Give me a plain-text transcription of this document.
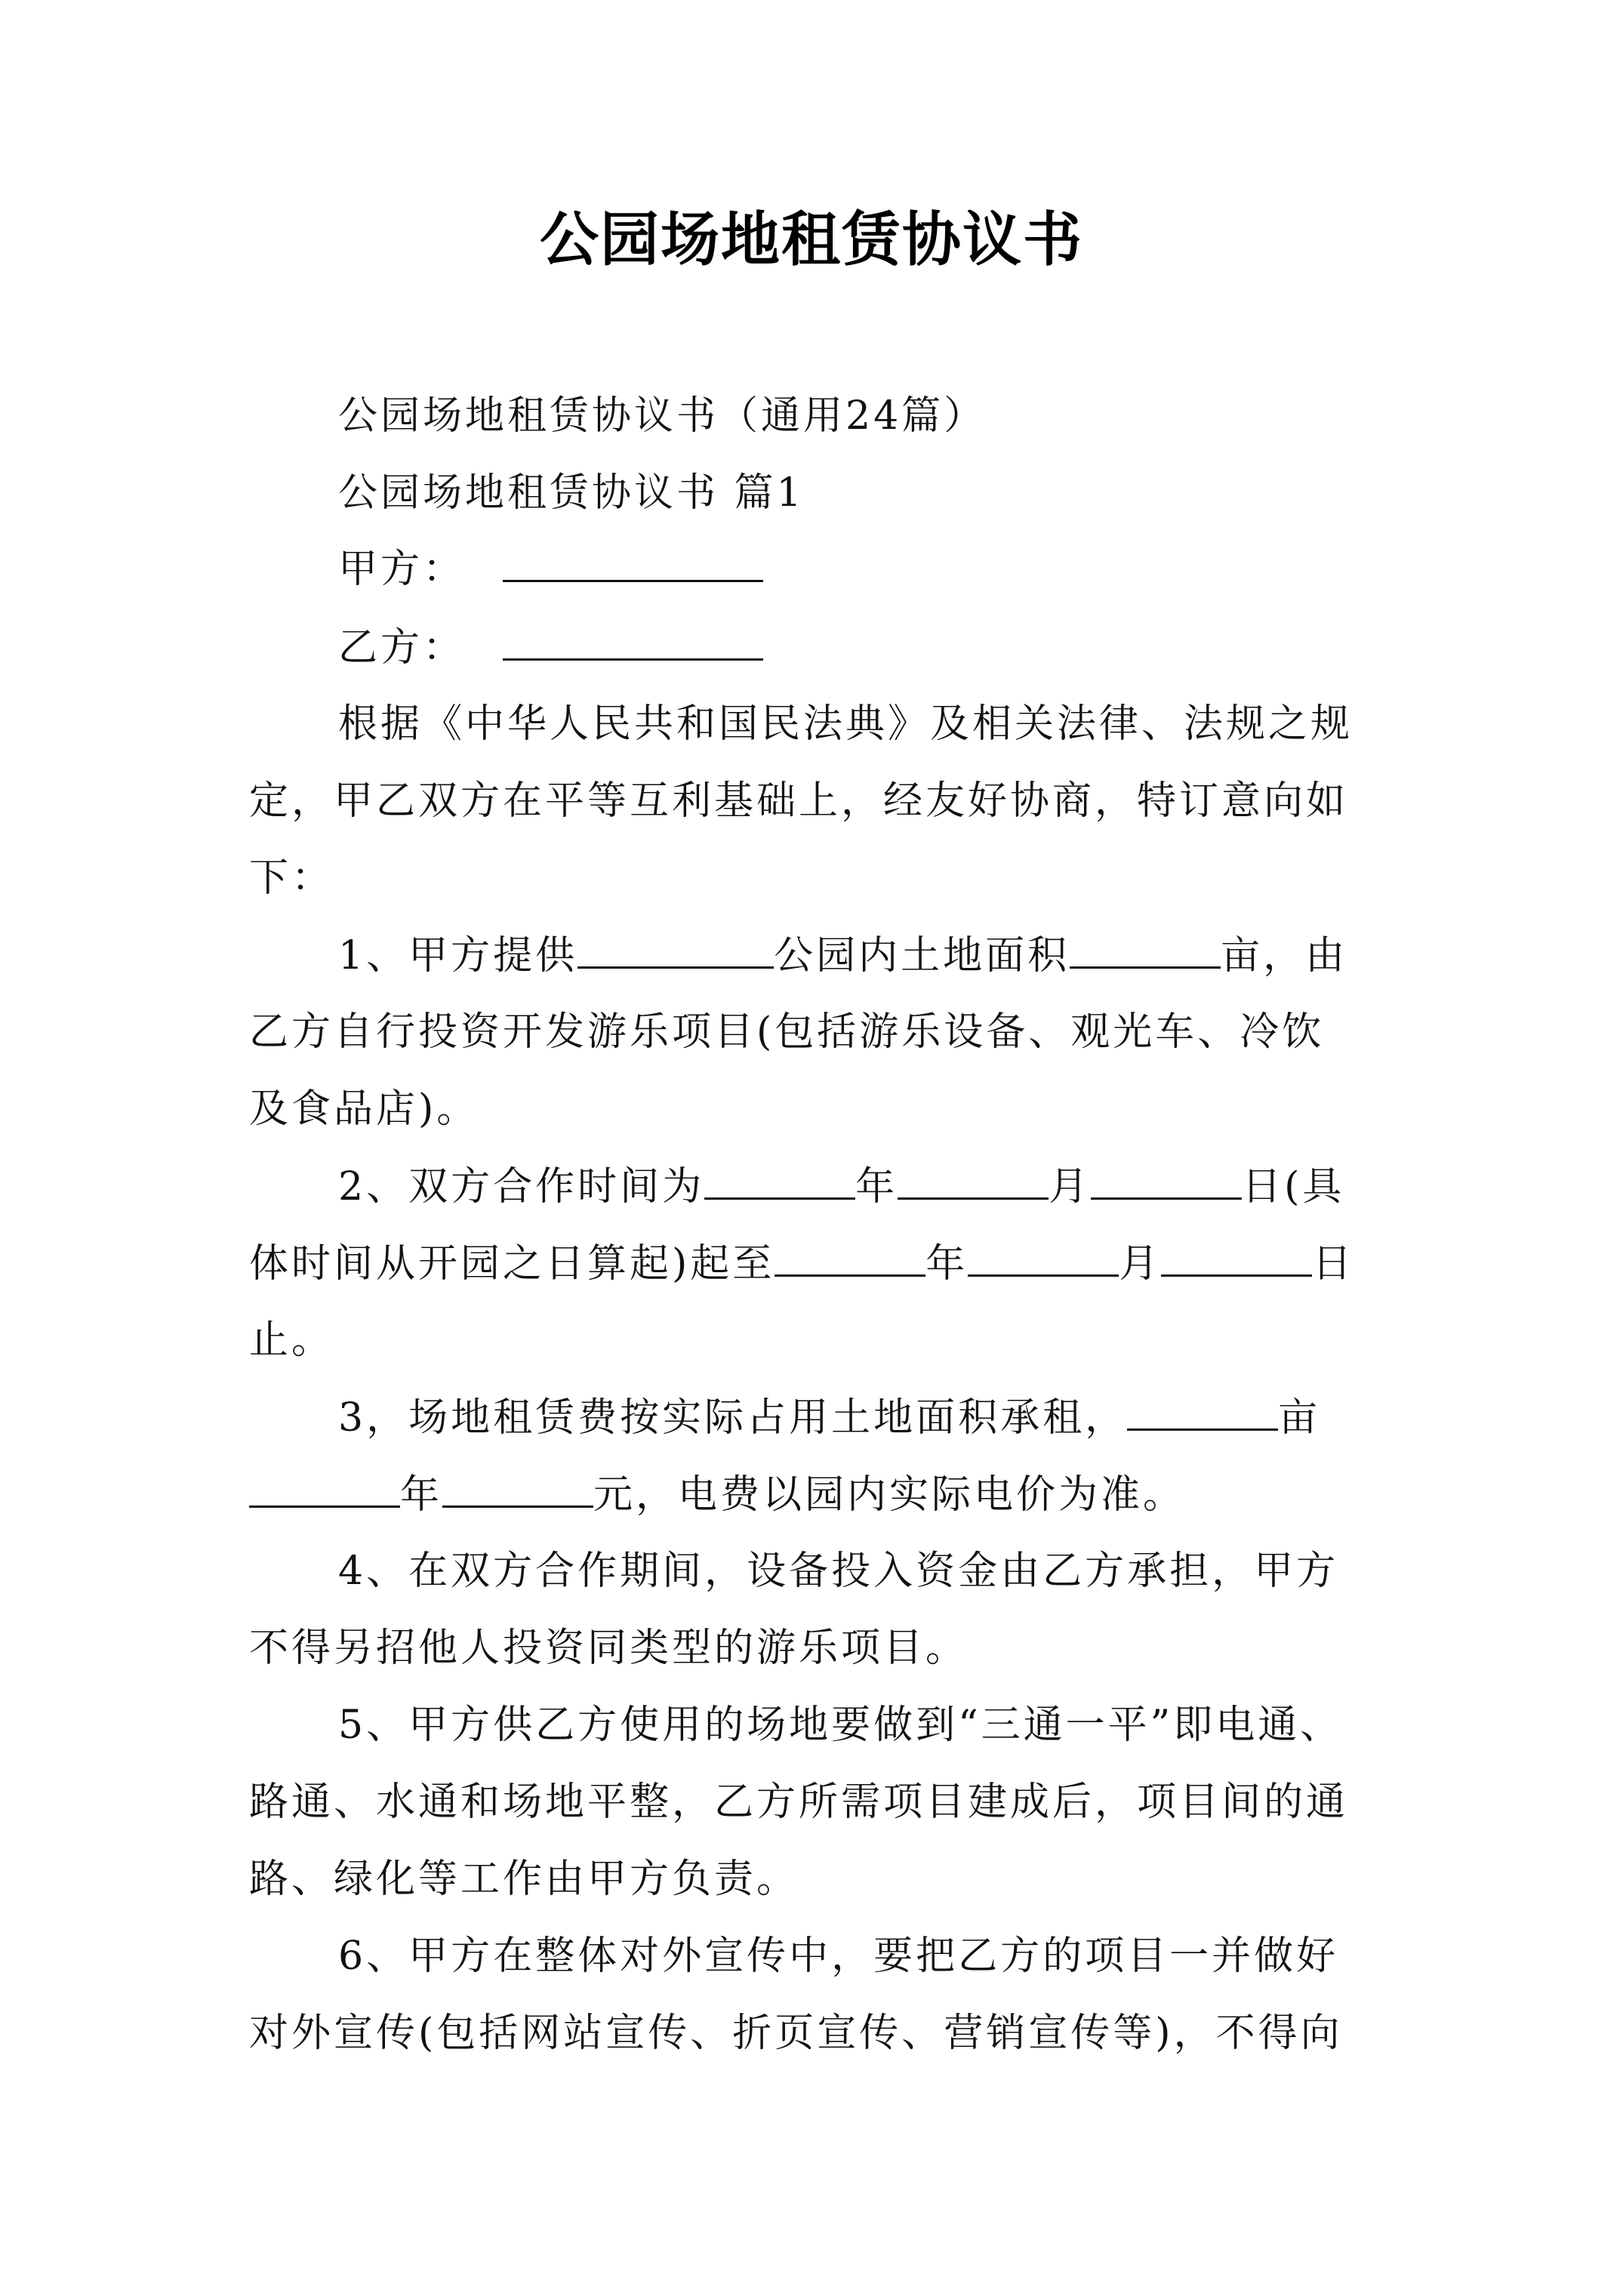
公园场地租赁协议书
公园场地租赁协议书（通用24篇）
公园场地租赁协议书 篇1
甲方：
乙方：
根据《中华人民共和国民法典》及相关法律、法规之规
定，甲乙双方在平等互利基础上，经友好协商，特订意向如
下：
1、甲方提供	公园内土地面积	亩，由
乙方自行投资开发游乐项目(包括游乐设备、观光车、冷饮
及食品店)。
2、双方合作时间为	年	月	日(具
体时间从开园之日算起)起至	年	月	日
止。
3，场地租赁费按实际占用土地面积承租，	亩
年	元，电费以园内实际电价为准。
4、在双方合作期间，设备投入资金由乙方承担，甲方
不得另招他人投资同类型的游乐项目。
5、甲方供乙方使用的场地要做到“三通一平”即电通、
路通、水通和场地平整，乙方所需项目建成后，项目间的通
路、绿化等工作由甲方负责。
6、甲方在整体对外宣传中，要把乙方的项目一并做好
对外宣传(包括网站宣传、折页宣传、营销宣传等)，不得向
